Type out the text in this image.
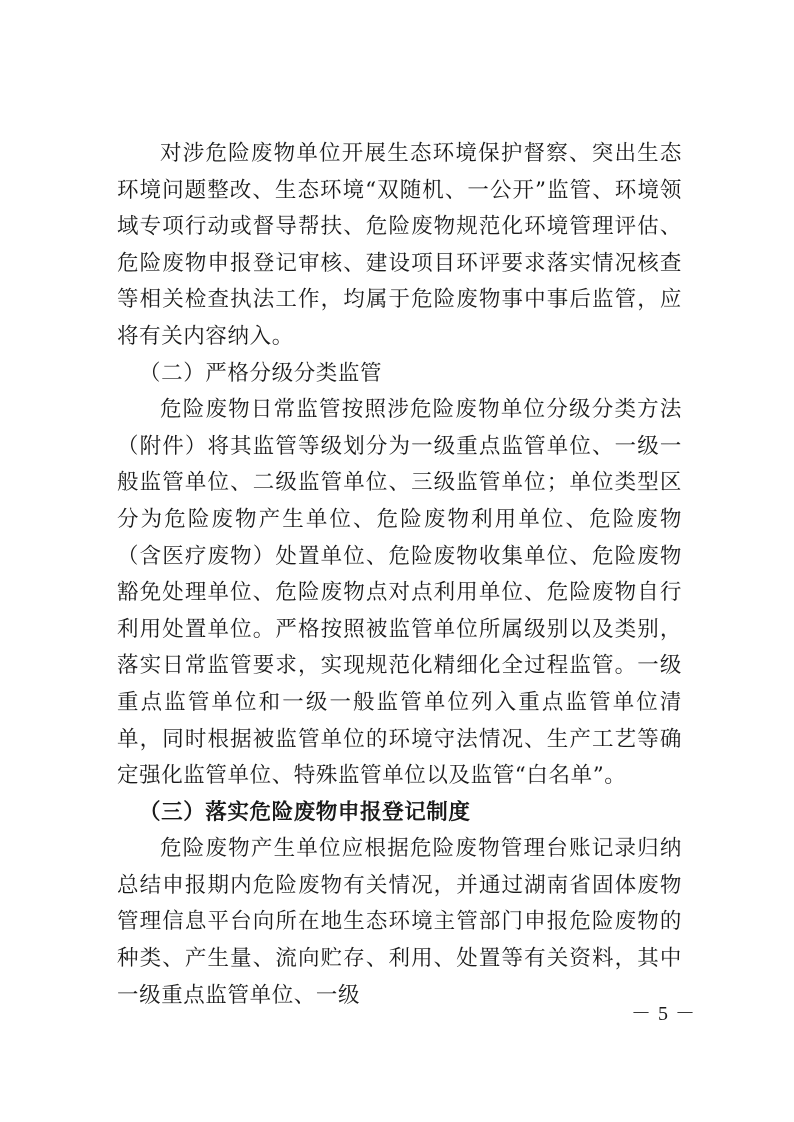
对涉危险废物单位开展生态环境保护督察、突出生态环境问题整改、生态环境“双随机、一公开”监管、环境领域专项行动或督导帮扶、危险废物规范化环境管理评估、危险废物申报登记审核、建设项目环评要求落实情况核查等相关检查执法工作，均属于危险废物事中事后监管，应将有关内容纳入。

（二）严格分级分类监管

危险废物日常监管按照涉危险废物单位分级分类方法（附件）将其监管等级划分为一级重点监管单位、一级一般监管单位、二级监管单位、三级监管单位；单位类型区分为危险废物产生单位、危险废物利用单位、危险废物（含医疗废物）处置单位、危险废物收集单位、危险废物豁免处理单位、危险废物点对点利用单位、危险废物自行利用处置单位。严格按照被监管单位所属级别以及类别，落实日常监管要求，实现规范化精细化全过程监管。一级重点监管单位和一级一般监管单位列入重点监管单位清单，同时根据被监管单位的环境守法情况、生产工艺等确定强化监管单位、特殊监管单位以及监管“白名单”。

（三）落实危险废物申报登记制度

危险废物产生单位应根据危险废物管理台账记录归纳总结申报期内危险废物有关情况，并通过湖南省固体废物管理信息平台向所在地生态环境主管部门申报危险废物的种类、产生量、流向贮存、利用、处置等有关资料，其中一级重点监管单位、一级

－ 5 －
